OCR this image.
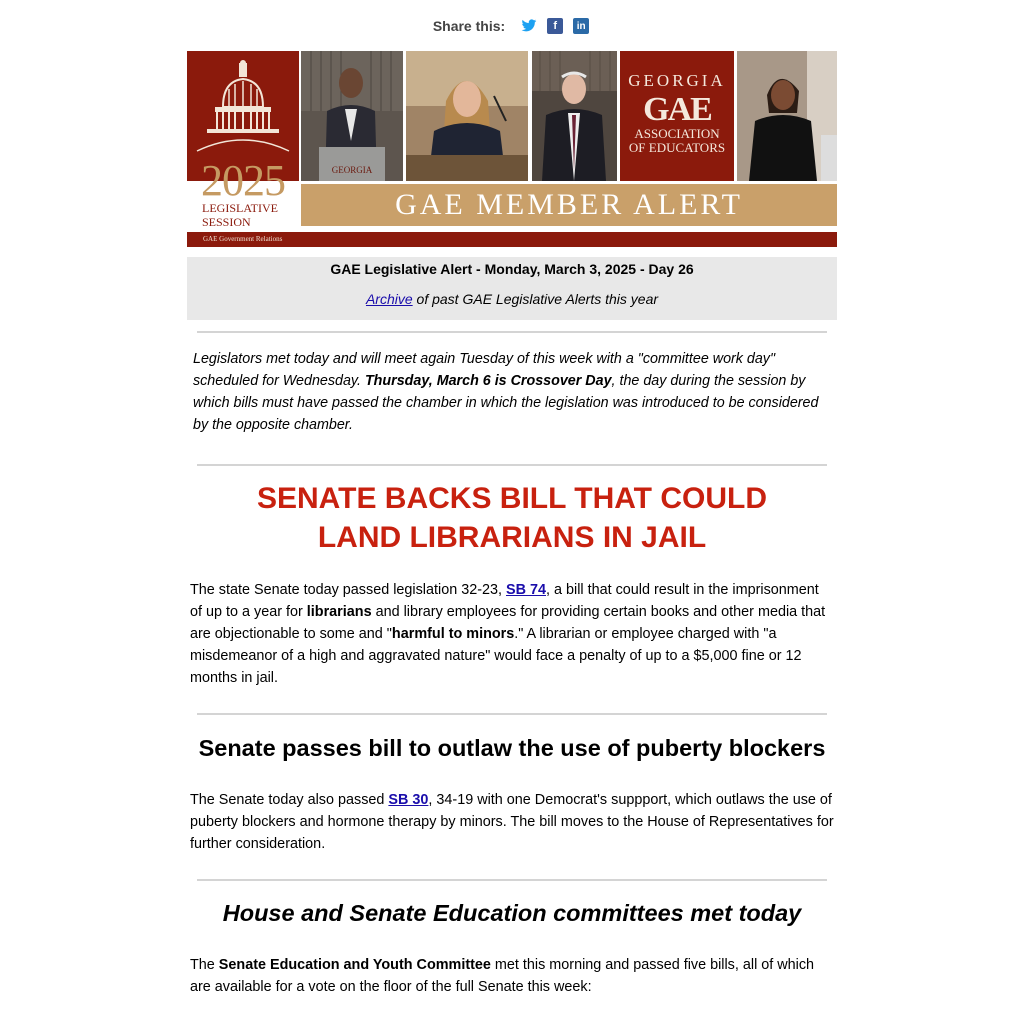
Share this:	f	in
2025
LEGISLATIVE
SESSION
GEORGIA
GEORGIA
GAE
ASSOCIATION
OF EDUCATORS
GAE MEMBER ALERT
GAE Government Relations
GAE Legislative Alert - Monday, March 3, 2025 - Day 26
Archive of past GAE Legislative Alerts this year
Legislators met today and will meet again Tuesday of this week with a "committee work day" scheduled for Wednesday. Thursday, March 6 is Crossover Day, the day during the session by which bills must have passed the chamber in which the legislation was introduced to be considered by the opposite chamber.
SENATE BACKS BILL THAT COULD
LAND LIBRARIANS IN JAIL
The state Senate today passed legislation 32-23, SB 74, a bill that could result in the imprisonment of up to a year for librarians and library employees for providing certain books and other media that are objectionable to some and "harmful to minors." A librarian or employee charged with "a misdemeanor of a high and aggravated nature" would face a penalty of up to a $5,000 fine or 12 months in jail.
Senate passes bill to outlaw the use of puberty blockers
The Senate today also passed SB 30, 34-19 with one Democrat's suppport, which outlaws the use of puberty blockers and hormone therapy by minors. The bill moves to the House of Representatives for further consideration.
House and Senate Education committees met today
The Senate Education and Youth Committee met this morning and passed five bills, all of which are available for a vote on the floor of the full Senate this week:
